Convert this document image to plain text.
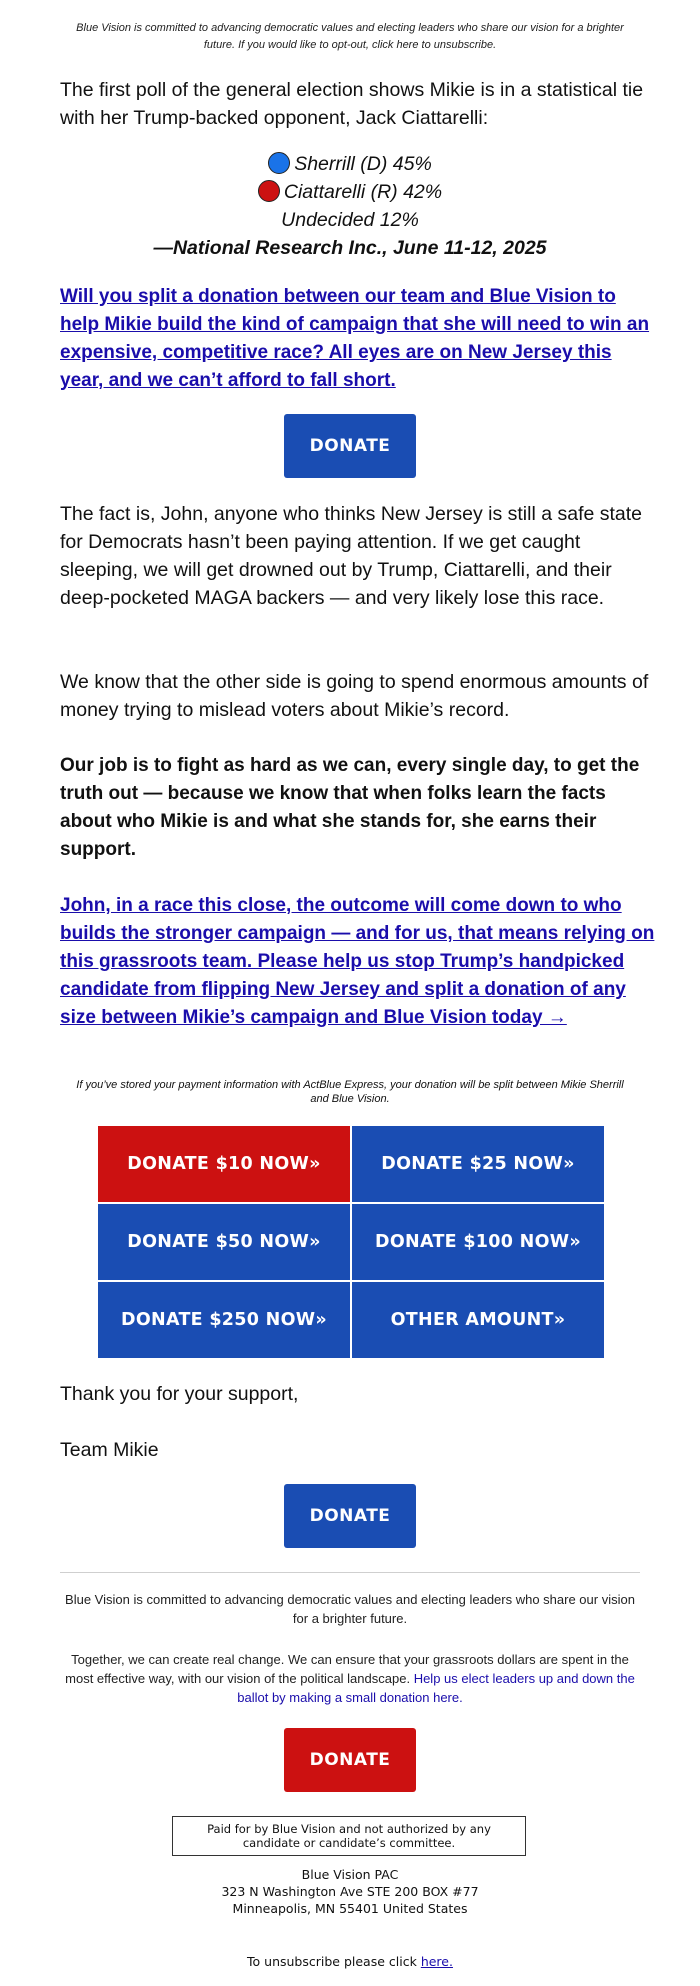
Blue Vision is committed to advancing democratic values and electing leaders who share our vision for a brighter future. If you would like to opt-out, click here to unsubscribe.
The first poll of the general election shows Mikie is in a statistical tie with her Trump-backed opponent, Jack Ciattarelli:
Sherrill (D) 45%
Ciattarelli (R) 42%
Undecided 12%
—National Research Inc., June 11-12, 2025
Will you split a donation between our team and Blue Vision to help Mikie build the kind of campaign that she will need to win an expensive, competitive race? All eyes are on New Jersey this year, and we can’t afford to fall short.
DONATE
The fact is, John, anyone who thinks New Jersey is still a safe state for Democrats hasn’t been paying attention. If we get caught sleeping, we will get drowned out by Trump, Ciattarelli, and their deep-pocketed MAGA backers — and very likely lose this race.
We know that the other side is going to spend enormous amounts of money trying to mislead voters about Mikie’s record.
Our job is to fight as hard as we can, every single day, to get the truth out — because we know that when folks learn the facts about who Mikie is and what she stands for, she earns their support.
John, in a race this close, the outcome will come down to who builds the stronger campaign — and for us, that means relying on this grassroots team. Please help us stop Trump’s handpicked candidate from flipping New Jersey and split a donation of any size between Mikie’s campaign and Blue Vision today →
If you’ve stored your payment information with ActBlue Express, your donation will be split between Mikie Sherrill and Blue Vision.
DONATE $10 NOW»	DONATE $25 NOW»
DONATE $50 NOW»	DONATE $100 NOW»
DONATE $250 NOW»	OTHER AMOUNT»
Thank you for your support,
Team Mikie
DONATE
Blue Vision is committed to advancing democratic values and electing leaders who share our vision for a brighter future.
Together, we can create real change. We can ensure that your grassroots dollars are spent in the most effective way, with our vision of the political landscape. Help us elect leaders up and down the ballot by making a small donation here.
DONATE
Paid for by Blue Vision and not authorized by any candidate or candidate’s committee.
Blue Vision PAC
323 N Washington Ave STE 200 BOX #77
Minneapolis, MN 55401 United States
To unsubscribe please click here.
